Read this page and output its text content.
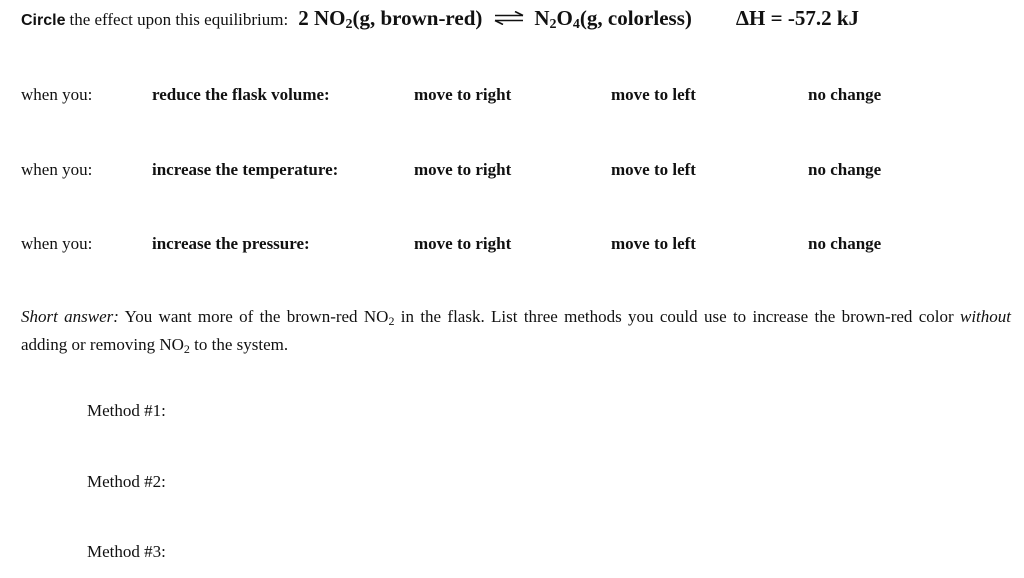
Circle the effect upon this equilibrium: 2 $NO_2(g$, brown-red) ⇌ $N_2O_4(g$, colorless) ΔH = -57.2 kJ
when you:	reduce the flask volume:	move to right	move to left	no change
when you:	increase the temperature:	move to right	move to left	no change
when you:	increase the pressure:	move to right	move to left	no change
Short answer: You want more of the brown-red $NO_2$ in the flask. List three methods you could use to increase the brown-red color without adding or removing $NO_2$ to the system.
Method #1:
Method #2:
Method #3:
